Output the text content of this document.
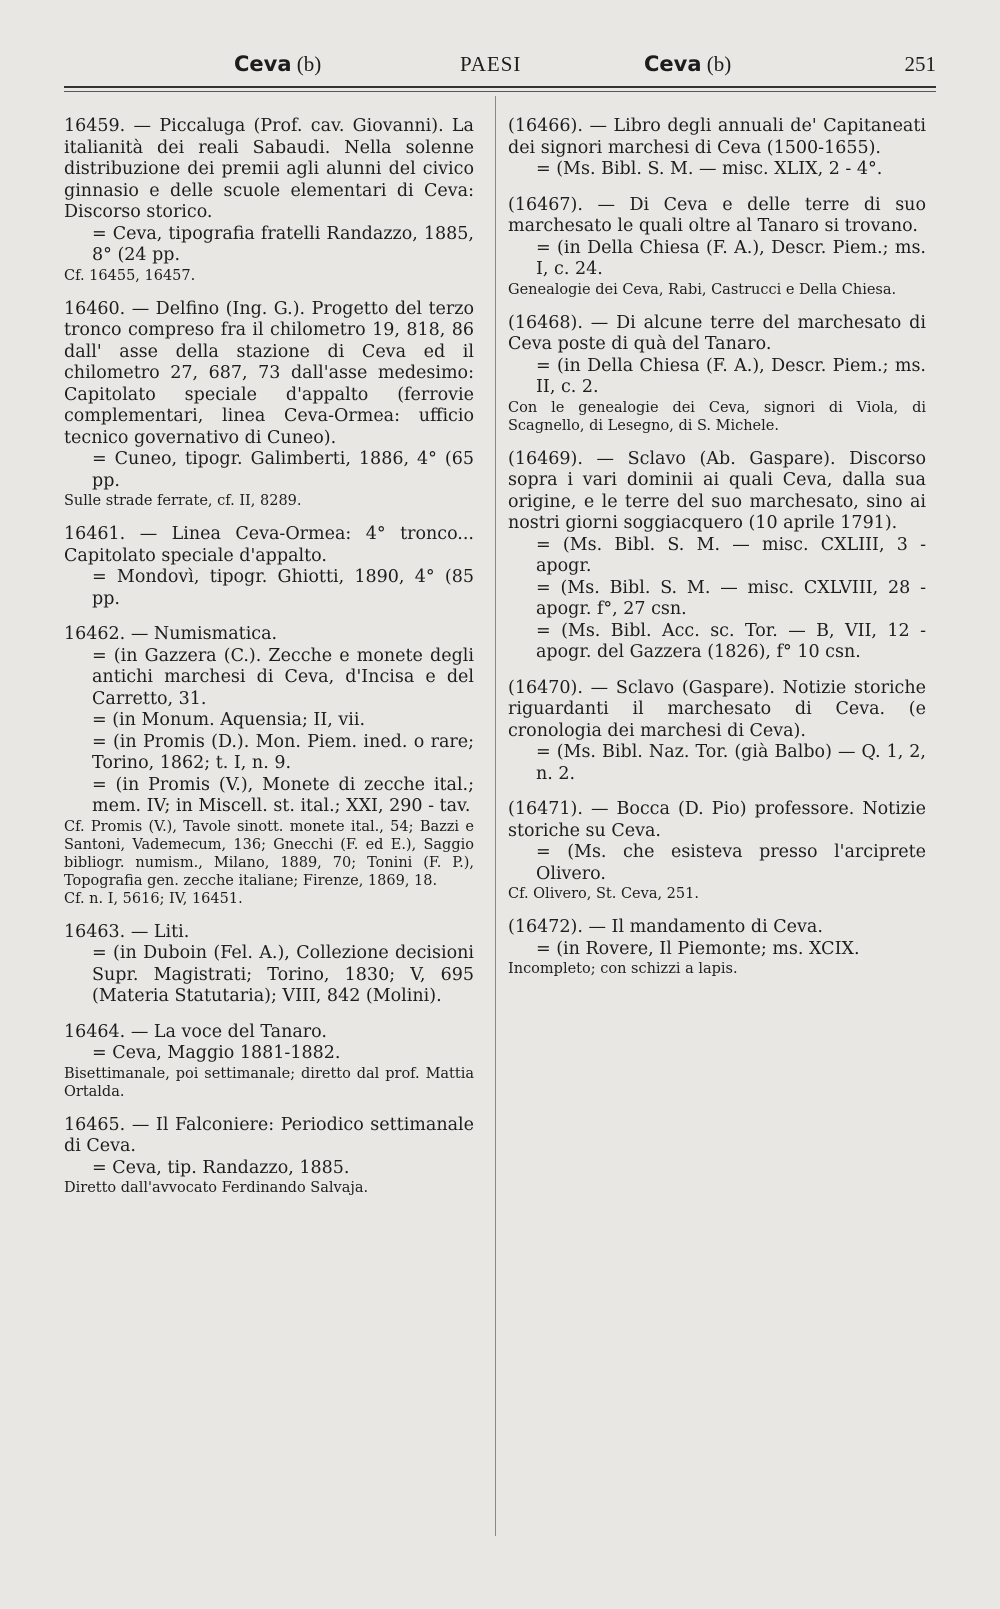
Ceva (b)	PAESI	Ceva (b)	251

16459. — Piccaluga (Prof. cav. Giovanni). La italianità dei reali Sabaudi. Nella solenne distribuzione dei premii agli alunni del civico ginnasio e delle scuole elementari di Ceva: Discorso storico.

= Ceva, tipografia fratelli Randazzo, 1885, 8° (24 pp.

Cf. 16455, 16457.

16460. — Delfino (Ing. G.). Progetto del terzo tronco compreso fra il chilometro 19, 818, 86 dall' asse della stazione di Ceva ed il chilometro 27, 687, 73 dall'asse medesimo: Capitolato speciale d'appalto (ferrovie complementari, linea Ceva-Ormea: ufficio tecnico governativo di Cuneo).

= Cuneo, tipogr. Galimberti, 1886, 4° (65 pp.

Sulle strade ferrate, cf. II, 8289.

16461. — Linea Ceva-Ormea: 4° tronco... Capitolato speciale d'appalto.

= Mondovì, tipogr. Ghiotti, 1890, 4° (85 pp.

16462. — Numismatica.

= (in Gazzera (C.). Zecche e monete degli antichi marchesi di Ceva, d'Incisa e del Carretto, 31.

= (in Monum. Aquensia; II, vii.

= (in Promis (D.). Mon. Piem. ined. o rare; Torino, 1862; t. I, n. 9.

= (in Promis (V.), Monete di zecche ital.; mem. IV; in Miscell. st. ital.; XXI, 290 - tav.

Cf. Promis (V.), Tavole sinott. monete ital., 54; Bazzi e Santoni, Vademecum, 136; Gnecchi (F. ed E.), Saggio bibliogr. numism., Milano, 1889, 70; Tonini (F. P.), Topografia gen. zecche italiane; Firenze, 1869, 18.

Cf. n. I, 5616; IV, 16451.

16463. — Liti.

= (in Duboin (Fel. A.), Collezione decisioni Supr. Magistrati; Torino, 1830; V, 695 (Materia Statutaria); VIII, 842 (Molini).

16464. — La voce del Tanaro.

= Ceva, Maggio 1881-1882.

Bisettimanale, poi settimanale; diretto dal prof. Mattia Ortalda.

16465. — Il Falconiere: Periodico settimanale di Ceva.

= Ceva, tip. Randazzo, 1885.

Diretto dall'avvocato Ferdinando Salvaja.

(16466). — Libro degli annuali de' Capitaneati dei signori marchesi di Ceva (1500-1655).

= (Ms. Bibl. S. M. — misc. XLIX, 2 - 4°.

(16467). — Di Ceva e delle terre di suo marchesato le quali oltre al Tanaro si trovano.

= (in Della Chiesa (F. A.), Descr. Piem.; ms. I, c. 24.

Genealogie dei Ceva, Rabi, Castrucci e Della Chiesa.

(16468). — Di alcune terre del marchesato di Ceva poste di quà del Tanaro.

= (in Della Chiesa (F. A.), Descr. Piem.; ms. II, c. 2.

Con le genealogie dei Ceva, signori di Viola, di Scagnello, di Lesegno, di S. Michele.

(16469). — Sclavo (Ab. Gaspare). Discorso sopra i vari dominii ai quali Ceva, dalla sua origine, e le terre del suo marchesato, sino ai nostri giorni soggiacquero (10 aprile 1791).

= (Ms. Bibl. S. M. — misc. CXLIII, 3 - apogr.

= (Ms. Bibl. S. M. — misc. CXLVIII, 28 - apogr. f°, 27 csn.

= (Ms. Bibl. Acc. sc. Tor. — B, VII, 12 - apogr. del Gazzera (1826), f° 10 csn.

(16470). — Sclavo (Gaspare). Notizie storiche riguardanti il marchesato di Ceva. (e cronologia dei marchesi di Ceva).

= (Ms. Bibl. Naz. Tor. (già Balbo) — Q. 1, 2, n. 2.

(16471). — Bocca (D. Pio) professore. Notizie storiche su Ceva.

= (Ms. che esisteva presso l'arciprete Olivero.

Cf. Olivero, St. Ceva, 251.

(16472). — Il mandamento di Ceva.

= (in Rovere, Il Piemonte; ms. XCIX.

Incompleto; con schizzi a lapis.
